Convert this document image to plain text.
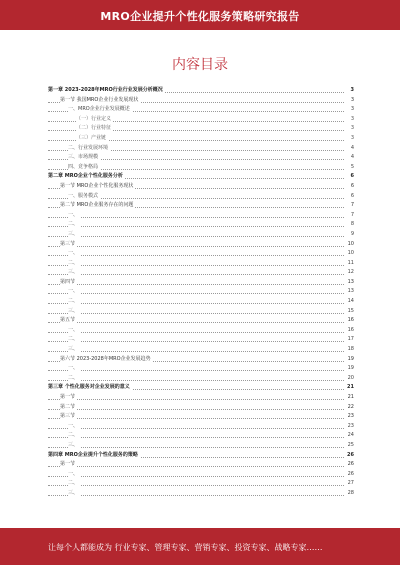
MRO企业提升个性化服务策略研究报告
内容目录
第一章 2023-2028年MRO行业行业发展分析概况	3
第一节 我国MRO企业行业发展现状	3
一、MRO企业行业发展概述	3
（一）行业定义	3
（二）行业特征	3
（三）产业链	3
二、行业发展环境	4
三、市场规模	4
四、竞争格局	5
第二章 MRO企业个性化服务分析	6
第一节 MRO企业个性化服务现状	6
一、服务模式	6
第二节 MRO企业服务存在的问题	7
一、	7
二、	8
三、	9
第三节	10
一、	10
二、	11
三、	12
第四节	13
一、	13
二、	14
三、	15
第五节	16
一、	16
二、	17
三、	18
第六节 2023-2028年MRO企业发展趋势	19
一、	19
二、	20
第三章 个性化服务对企业发展的意义	21
第一节	21
第二节	22
第三节	23
一、	23
二、	24
三、	25
第四章 MRO企业提升个性化服务的策略	26
第一节	26
一、	26
二、	27
三、	28
让每个人都能成为 行业专家、管理专家、营销专家、投资专家、战略专家……
